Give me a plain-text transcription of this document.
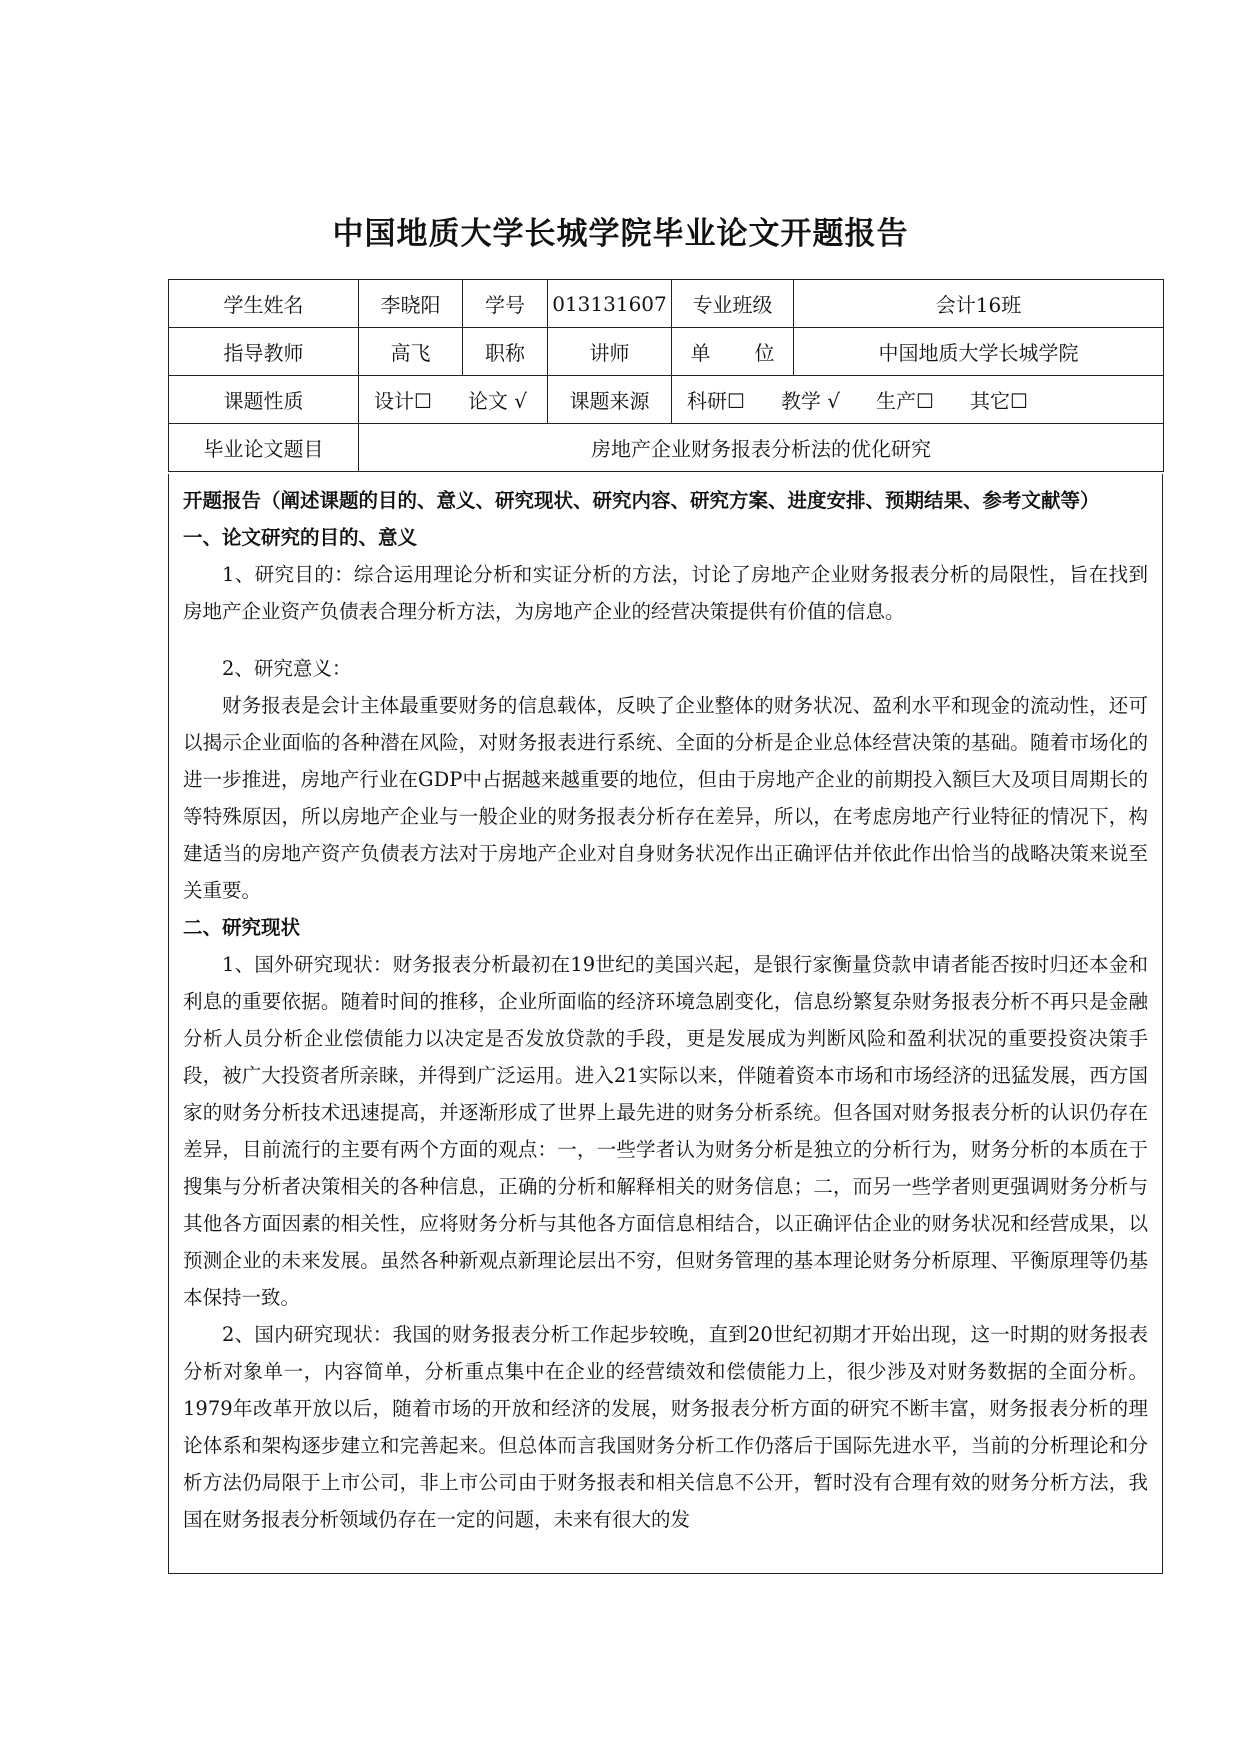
中国地质大学长城学院毕业论文开题报告
学生姓名	李晓阳	学号	013131607	专业班级	会计16班
指导教师	高飞	职称	讲师	单 位	中国地质大学长城学院
课题性质	设计☐ 论文 √		课题来源	科研☐ 教学 √ 生产☐ 其它☐	
毕业论文题目	房地产企业财务报表分析法的优化研究				

开题报告（阐述课题的目的、意义、研究现状、研究内容、研究方案、进度安排、预期结果、参考文献等）

一、论文研究的目的、意义

1、研究目的：综合运用理论分析和实证分析的方法，讨论了房地产企业财务报表分析的局限性，旨在找到房地产企业资产负债表合理分析方法，为房地产企业的经营决策提供有价值的信息。

2、研究意义：

财务报表是会计主体最重要财务的信息载体，反映了企业整体的财务状况、盈利水平和现金的流动性，还可以揭示企业面临的各种潜在风险，对财务报表进行系统、全面的分析是企业总体经营决策的基础。随着市场化的进一步推进，房地产行业在GDP中占据越来越重要的地位，但由于房地产企业的前期投入额巨大及项目周期长的等特殊原因，所以房地产企业与一般企业的财务报表分析存在差异，所以，在考虑房地产行业特征的情况下，构建适当的房地产资产负债表方法对于房地产企业对自身财务状况作出正确评估并依此作出恰当的战略决策来说至关重要。

二、研究现状

1、国外研究现状：财务报表分析最初在19世纪的美国兴起，是银行家衡量贷款申请者能否按时归还本金和利息的重要依据。随着时间的推移，企业所面临的经济环境急剧变化，信息纷繁复杂财务报表分析不再只是金融分析人员分析企业偿债能力以决定是否发放贷款的手段，更是发展成为判断风险和盈利状况的重要投资决策手段，被广大投资者所亲睐，并得到广泛运用。进入21实际以来，伴随着资本市场和市场经济的迅猛发展，西方国家的财务分析技术迅速提高，并逐渐形成了世界上最先进的财务分析系统。但各国对财务报表分析的认识仍存在差异，目前流行的主要有两个方面的观点：一，一些学者认为财务分析是独立的分析行为，财务分析的本质在于搜集与分析者决策相关的各种信息，正确的分析和解释相关的财务信息；二，而另一些学者则更强调财务分析与其他各方面因素的相关性，应将财务分析与其他各方面信息相结合，以正确评估企业的财务状况和经营成果，以预测企业的未来发展。虽然各种新观点新理论层出不穷，但财务管理的基本理论财务分析原理、平衡原理等仍基本保持一致。

2、国内研究现状：我国的财务报表分析工作起步较晚，直到20世纪初期才开始出现，这一时期的财务报表分析对象单一，内容简单，分析重点集中在企业的经营绩效和偿债能力上，很少涉及对财务数据的全面分析。1979年改革开放以后，随着市场的开放和经济的发展，财务报表分析方面的研究不断丰富，财务报表分析的理论体系和架构逐步建立和完善起来。但总体而言我国财务分析工作仍落后于国际先进水平，当前的分析理论和分析方法仍局限于上市公司，非上市公司由于财务报表和相关信息不公开，暂时没有合理有效的财务分析方法，我国在财务报表分析领域仍存在一定的问题，未来有很大的发
